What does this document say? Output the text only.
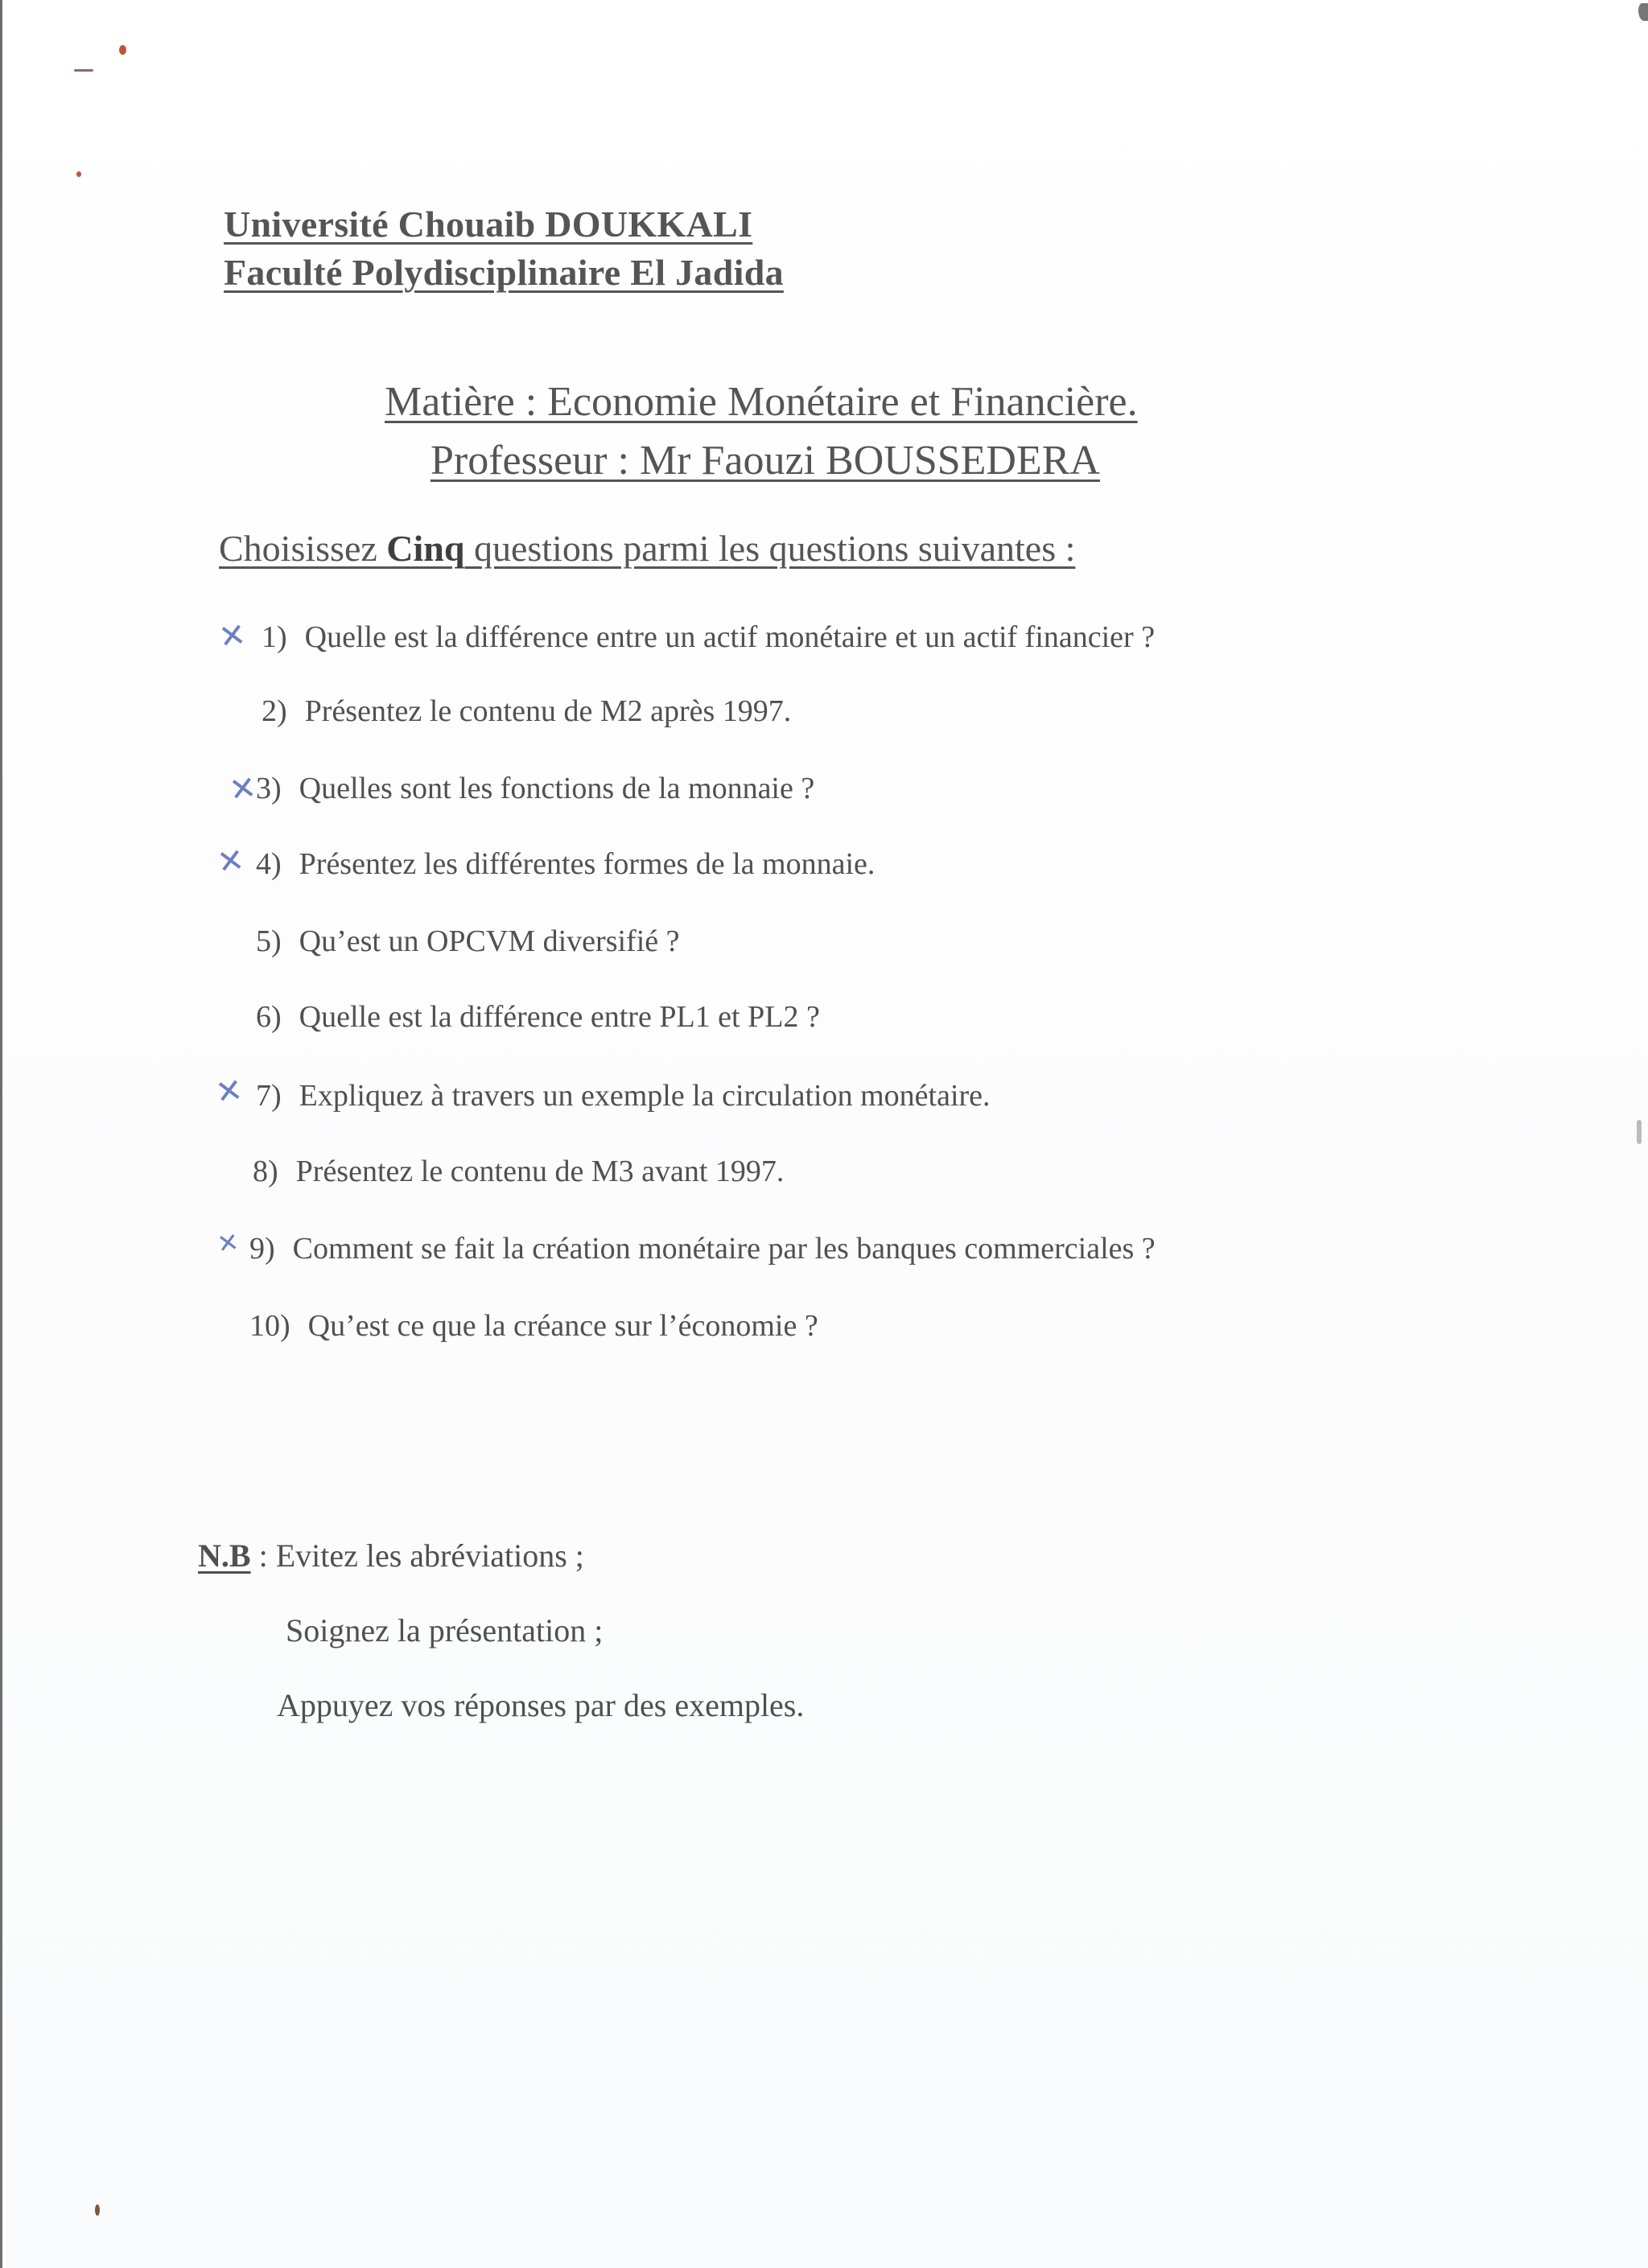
Université Chouaib DOUKKALI
Faculté Polydisciplinaire El Jadida
Matière : Economie Monétaire et Financière.
Professeur : Mr Faouzi BOUSSEDERA
Choisissez Cinq questions parmi les questions suivantes :
1) Quelle est la différence entre un actif monétaire et un actif financier ?
✕
2) Présentez le contenu de M2 après 1997.
3) Quelles sont les fonctions de la monnaie ?
✕
4) Présentez les différentes formes de la monnaie.
✕
5) Qu’est un OPCVM diversifié ?
6) Quelle est la différence entre PL1 et PL2 ?
7) Expliquez à travers un exemple la circulation monétaire.
✕
8) Présentez le contenu de M3 avant 1997.
9) Comment se fait la création monétaire par les banques commerciales ?
✕
10) Qu’est ce que la créance sur l’économie ?
N.B : Evitez les abréviations ;
Soignez la présentation ;
Appuyez vos réponses par des exemples.
